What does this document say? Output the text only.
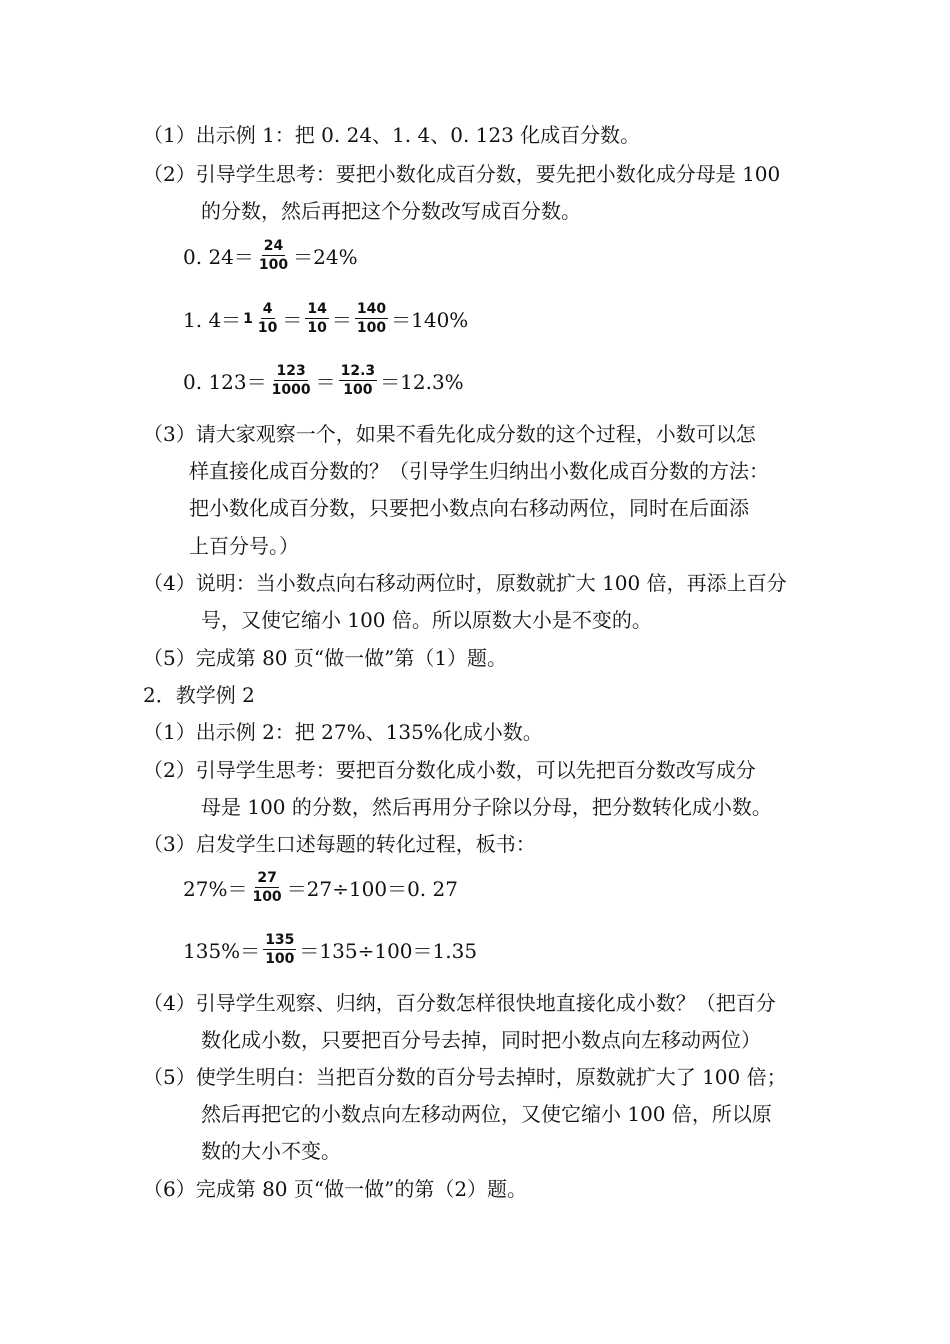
（1）出示例 1：把 0. 24、1. 4、0. 123 化成百分数。
（2）引导学生思考：要把小数化成百分数，要先把小数化成分母是 100
的分数，然后再把这个分数改写成百分数。
0. $24= \frac{24}{100} =24\%$
1. $4= 1 \frac{4}{10} = \frac{14}{10} = \frac{140}{100} =140\%$
0. $123= \frac{123}{1000} = \frac{12.3}{100} =12.3\%$
（3）请大家观察一个，如果不看先化成分数的这个过程，小数可以怎
样直接化成百分数的？（引导学生归纳出小数化成百分数的方法：
把小数化成百分数，只要把小数点向右移动两位，同时在后面添
上百分号。）
（4）说明：当小数点向右移动两位时，原数就扩大 100 倍，再添上百分
号，又使它缩小 100 倍。所以原数大小是不变的。
（5）完成第 80 页“做一做”第（1）题。
2．教学例 2
（1）出示例 2：把 27%、135%化成小数。
（2）引导学生思考：要把百分数化成小数，可以先把百分数改写成分
母是 100 的分数，然后再用分子除以分母，把分数转化成小数。
（3）启发学生口述每题的转化过程，板书：
$27\%= \frac{27}{100} =27\div 100=0$. 27
$135\%= \frac{135}{100} =135\div 100=1.35$
（4）引导学生观察、归纳，百分数怎样很快地直接化成小数？（把百分
数化成小数，只要把百分号去掉，同时把小数点向左移动两位）
（5）使学生明白：当把百分数的百分号去掉时，原数就扩大了 100 倍；
然后再把它的小数点向左移动两位，又使它缩小 100 倍，所以原
数的大小不变。
（6）完成第 80 页“做一做”的第（2）题。
